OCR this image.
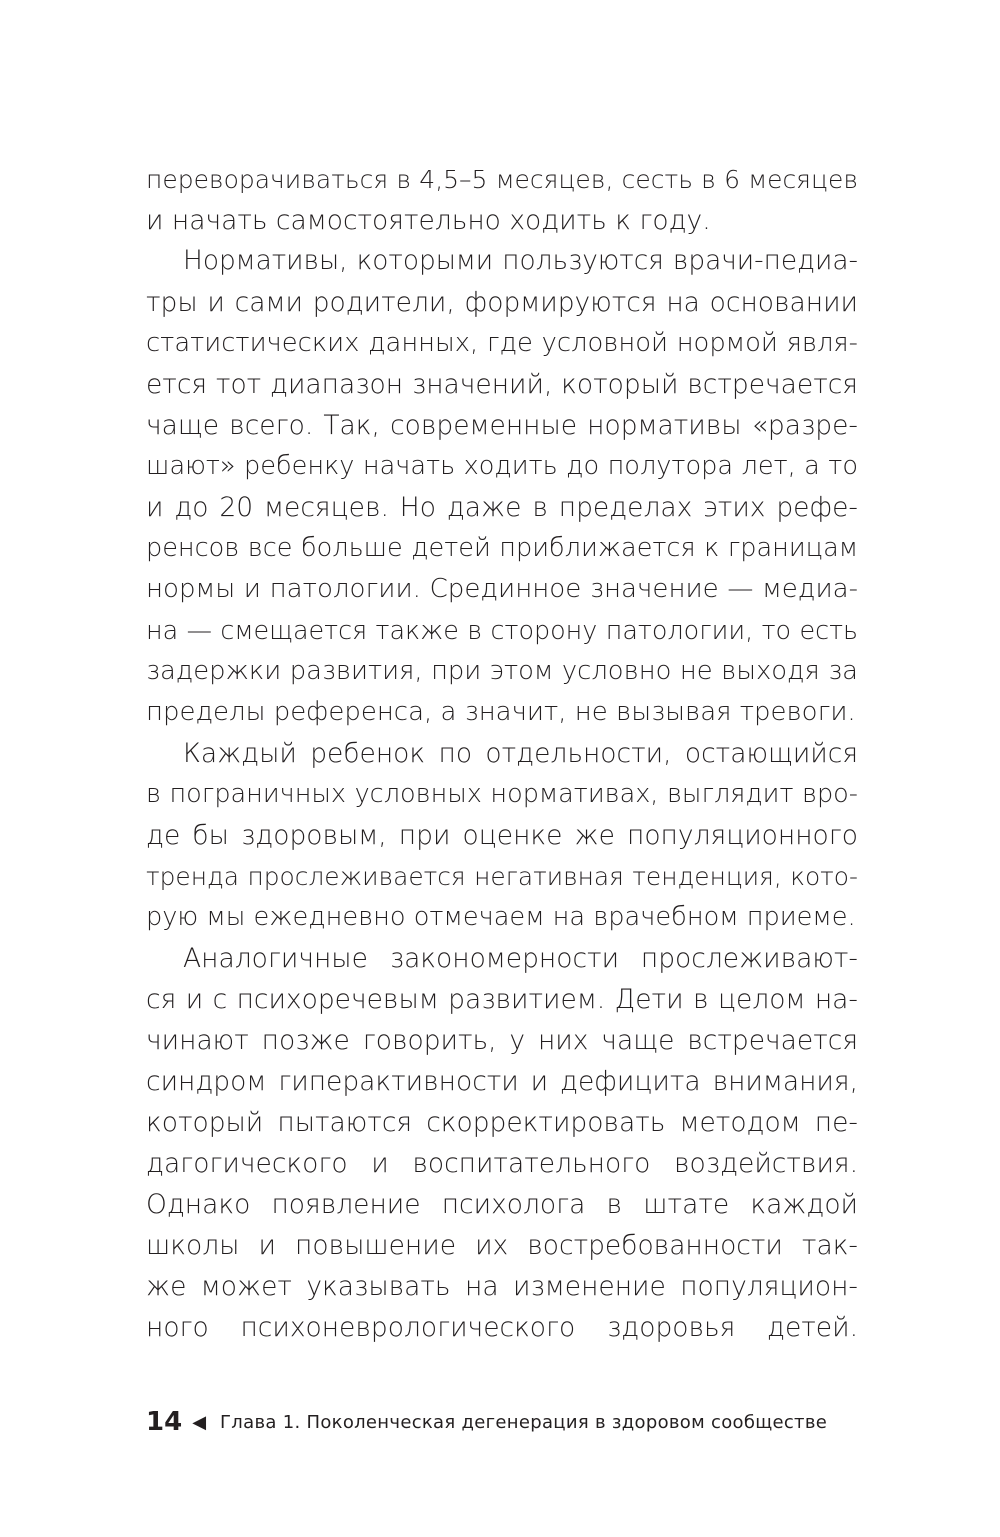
переворачиваться в 4,5–5 месяцев, сесть в 6 месяцев
и начать самостоятельно ходить к году.
Нормативы, которыми пользуются врачи-педиа-
тры и сами родители, формируются на основании
статистических данных, где условной нормой явля-
ется тот диапазон значений, который встречается
чаще всего. Так, современные нормативы «разре-
шают» ребенку начать ходить до полутора лет, а то
и до 20 месяцев. Но даже в пределах этих рефе-
ренсов все больше детей приближается к границам
нормы и патологии. Срединное значение — медиа-
на — смещается также в сторону патологии, то есть
задержки развития, при этом условно не выходя за
пределы референса, а значит, не вызывая тревоги.
Каждый ребенок по отдельности, остающийся
в пограничных условных нормативах, выглядит вро-
де бы здоровым, при оценке же популяционного
тренда прослеживается негативная тенденция, кото-
рую мы ежедневно отмечаем на врачебном приеме.
Аналогичные закономерности прослеживают-
ся и с психоречевым развитием. Дети в целом на-
чинают позже говорить, у них чаще встречается
синдром гиперактивности и дефицита внимания,
который пытаются скорректировать методом пе-
дагогического и воспитательного воздействия.
Однако появление психолога в штате каждой
школы и повышение их востребованности так-
же может указывать на изменение популяцион-
ного психоневрологического здоровья детей.
14 ◀ Глава 1. Поколенческая дегенерация в здоровом сообществе
